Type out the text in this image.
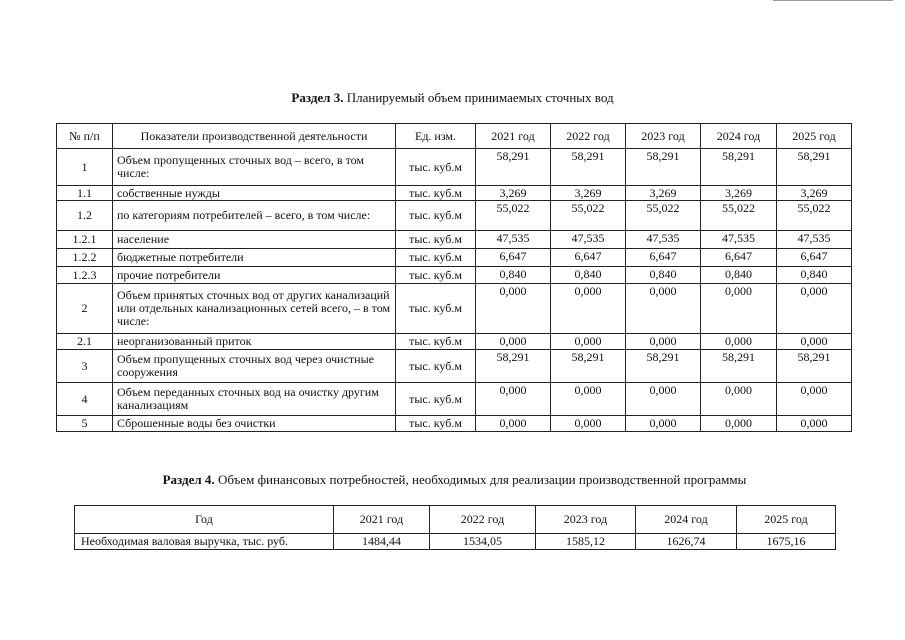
Раздел 3. Планируемый объем принимаемых сточных вод
№ п/п	Показатели производственной деятельности	Ед. изм.	2021 год	2022 год	2023 год	2024 год	2025 год
1	Объем пропущенных сточных вод – всего, в том числе:	тыс. куб.м	58,291	58,291	58,291	58,291	58,291
1.1	собственные нужды	тыс. куб.м	3,269	3,269	3,269	3,269	3,269
1.2	по категориям потребителей – всего, в том числе:	тыс. куб.м	55,022	55,022	55,022	55,022	55,022
1.2.1	население	тыс. куб.м	47,535	47,535	47,535	47,535	47,535
1.2.2	бюджетные потребители	тыс. куб.м	6,647	6,647	6,647	6,647	6,647
1.2.3	прочие потребители	тыс. куб.м	0,840	0,840	0,840	0,840	0,840
2	Объем принятых сточных вод от других канализаций или отдельных канализационных сетей всего, – в том числе:	тыс. куб.м	0,000	0,000	0,000	0,000	0,000
2.1	неорганизованный приток	тыс. куб.м	0,000	0,000	0,000	0,000	0,000
3	Объем пропущенных сточных вод через очистные сооружения	тыс. куб.м	58,291	58,291	58,291	58,291	58,291
4	Объем переданных сточных вод на очистку другим канализациям	тыс. куб.м	0,000	0,000	0,000	0,000	0,000
5	Сброшенные воды без очистки	тыс. куб.м	0,000	0,000	0,000	0,000	0,000
Раздел 4. Объем финансовых потребностей, необходимых для реализации производственной программы
Год	2021 год	2022 год	2023 год	2024 год	2025 год
Необходимая валовая выручка, тыс. руб.	1484,44	1534,05	1585,12	1626,74	1675,16
